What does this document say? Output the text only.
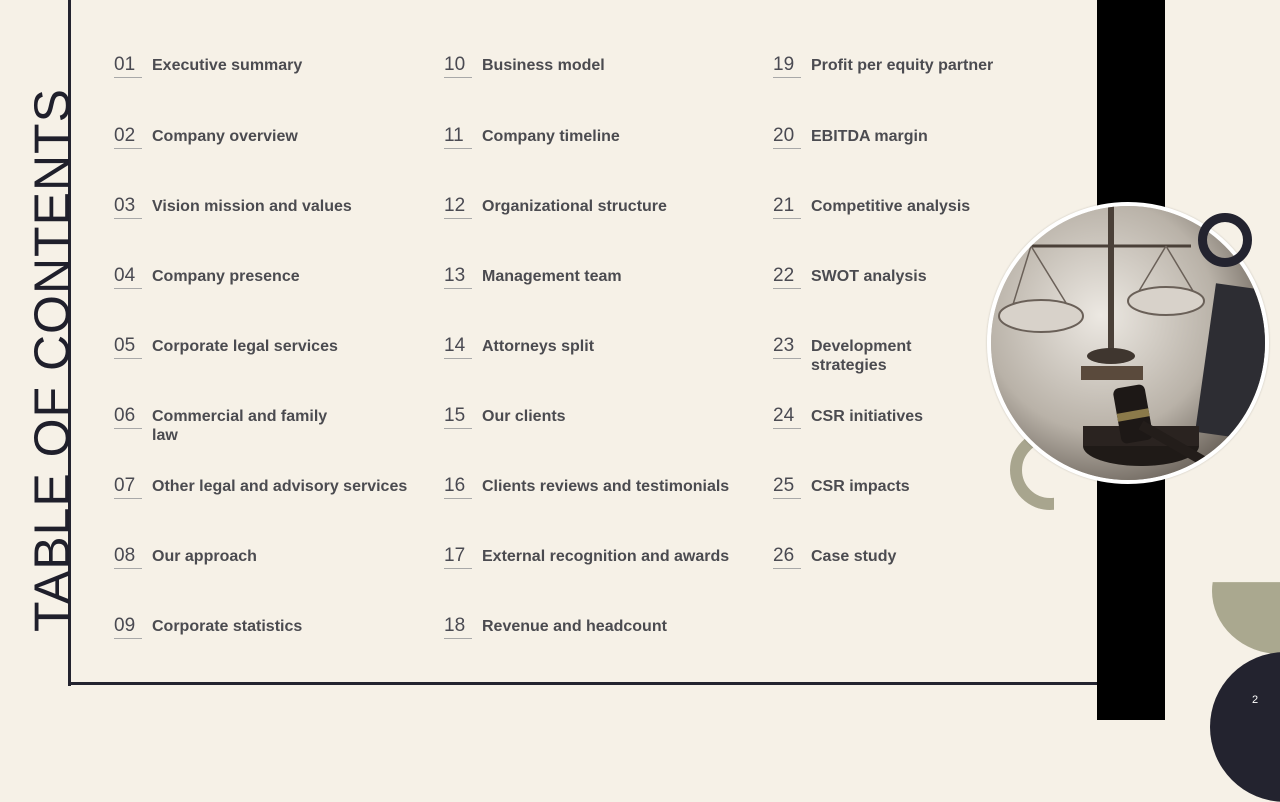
TABLE OF CONTENTS
01	Executive summary
02	Company overview
03	Vision mission and values
04	Company presence
05	Corporate legal services
06	Commercial and family law
07	Other legal and advisory services
08	Our approach
09	Corporate statistics
10	Business model
11	Company timeline
12	Organizational structure
13	Management team
14	Attorneys split
15	Our clients
16	Clients reviews and testimonials
17	External recognition and awards
18	Revenue and headcount
19	Profit per equity partner
20	EBITDA margin
21	Competitive analysis
22	SWOT analysis
23	Development strategies
24	CSR initiatives
25	CSR impacts
26	Case study
2
